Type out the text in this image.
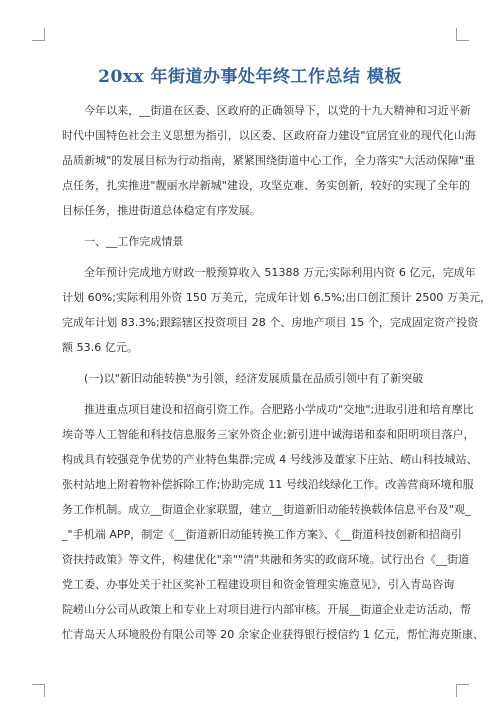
20xx 年街道办事处年终工作总结 模板

今年以来，__街道在区委、区政府的正确领导下，以党的十九大精神和习近平新
时代中国特色社会主义思想为指引，以区委、区政府奋力建设"宜居宜业的现代化山海
品质新城"的发展目标为行动指南，紧紧围绕街道中心工作，全力落实"大活动保障"重
点任务，扎实推进"靓丽水岸新城"建设，攻坚克难、务实创新，较好的实现了全年的
目标任务，推进街道总体稳定有序发展。

一、__工作完成情景

全年预计完成地方财政一般预算收入 51388 万元;实际利用内资 6 亿元，完成年
计划 60%;实际利用外资 150 万美元，完成年计划 6.5%;出口创汇预计 2500 万美元，
完成年计划 83.3%;跟踪辖区投资项目 28 个、房地产项目 15 个，完成固定资产投资
额 53.6 亿元。

(一)以"新旧动能转换"为引领，经济发展质量在品质引领中有了新突破

推进重点项目建设和招商引资工作。合肥路小学成功"交地";进取引进和培育摩比
埃奇等人工智能和科技信息服务三家外资企业;新引进中诚海诺和泰和阳明项目落户，
构成具有较强竞争优势的产业特色集群;完成 4 号线涉及董家下庄站、崂山科技城站、
张村站地上附着物补偿拆除工作;协助完成 11 号线沿线绿化工作。改善营商环境和服
务工作机制。成立__街道企业家联盟，建立__街道新旧动能转换载体信息平台及"观_
_"手机端 APP，制定《__街道新旧动能转换工作方案》、《__街道科技创新和招商引
资扶持政策》等文件，构建优化"亲""清"共融和务实的政商环境。试行出台《__街道
党工委、办事处关于社区奖补工程建设项目和资金管理实施意见》，引入青岛咨询
院崂山分公司从政策上和专业上对项目进行内部审核。开展__街道企业走访活动，帮
忙青岛天人环境股份有限公司等 20 余家企业获得银行授信约 1 亿元，帮忙海克斯康、
